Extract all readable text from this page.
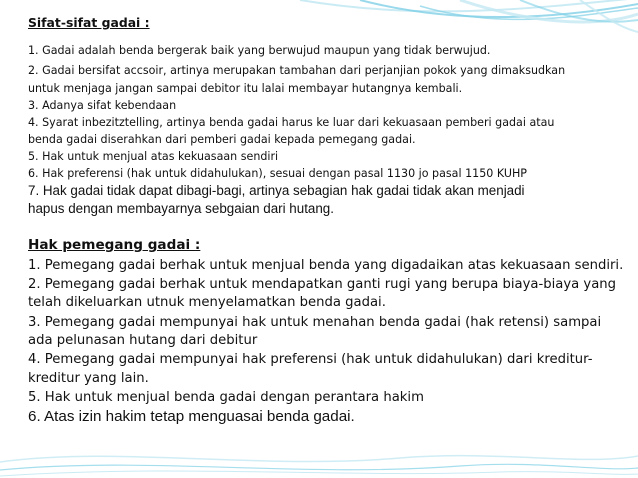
Sifat-sifat gadai :
1. Gadai adalah benda bergerak baik yang berwujud maupun yang tidak berwujud.
2. Gadai bersifat accsoir, artinya merupakan tambahan dari perjanjian pokok yang dimaksudkan
untuk menjaga jangan sampai debitor itu lalai membayar hutangnya kembali.
3. Adanya sifat kebendaan
4. Syarat inbezitztelling, artinya benda gadai harus ke luar dari kekuasaan pemberi gadai atau
benda gadai diserahkan dari pemberi gadai kepada pemegang gadai.
5. Hak untuk menjual atas kekuasaan sendiri
6. Hak preferensi (hak untuk didahulukan), sesuai dengan pasal 1130 jo pasal 1150 KUHP
7. Hak gadai tidak dapat dibagi-bagi, artinya sebagian hak gadai tidak akan menjadi
hapus dengan membayarnya sebgaian dari hutang.
Hak pemegang gadai :
1. Pemegang gadai berhak untuk menjual benda yang digadaikan atas kekuasaan sendiri.
2. Pemegang gadai berhak untuk mendapatkan ganti rugi yang berupa biaya-biaya yang
telah dikeluarkan utnuk menyelamatkan benda gadai.
3. Pemegang gadai mempunyai hak untuk menahan benda gadai (hak retensi) sampai
ada pelunasan hutang dari debitur
4. Pemegang gadai mempunyai hak preferensi (hak untuk didahulukan) dari kreditur-
kreditur yang lain.
5. Hak untuk menjual benda gadai dengan perantara hakim
6. Atas izin hakim tetap menguasai benda gadai.
